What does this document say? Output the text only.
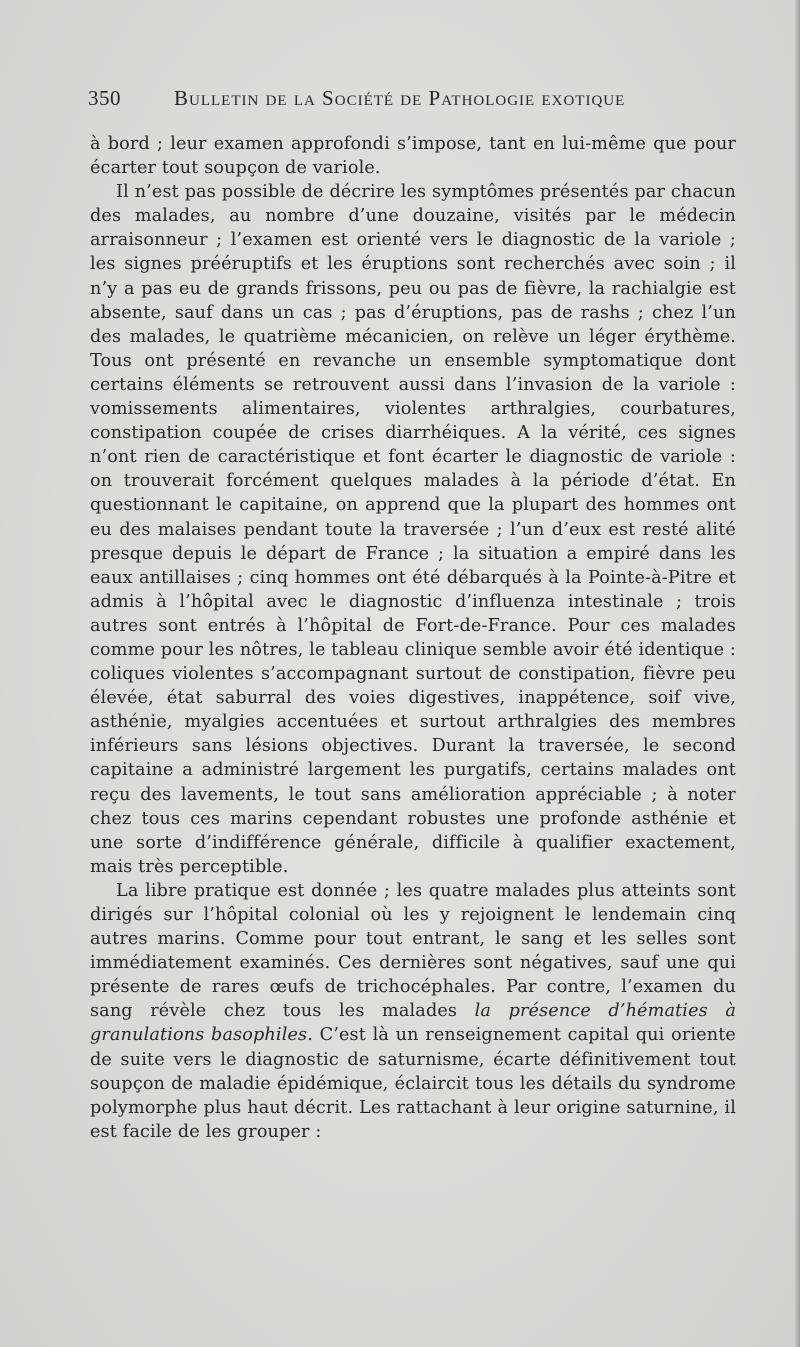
350	Bulletin de la Société de Pathologie exotique

à bord ; leur examen approfondi s’impose, tant en lui-même que pour écarter tout soupçon de variole.

Il n’est pas possible de décrire les symptômes présentés par chacun des malades, au nombre d’une douzaine, visités par le médecin arraisonneur ; l’examen est orienté vers le diagnostic de la variole ; les signes prééruptifs et les éruptions sont recherchés avec soin ; il n’y a pas eu de grands frissons, peu ou pas de fièvre, la rachialgie est absente, sauf dans un cas ; pas d’éruptions, pas de rashs ; chez l’un des malades, le quatrième mécanicien, on relève un léger érythème. Tous ont présenté en revanche un ensemble symptomatique dont certains éléments se retrouvent aussi dans l’invasion de la variole : vomissements alimentaires, violentes arthralgies, courbatures, constipation coupée de crises diarrhéiques. A la vérité, ces signes n’ont rien de caractéristique et font écarter le diagnostic de variole : on trouverait forcément quelques malades à la période d’état. En questionnant le capitaine, on apprend que la plupart des hommes ont eu des malaises pendant toute la traversée ; l’un d’eux est resté alité presque depuis le départ de France ; la situation a empiré dans les eaux antillaises ; cinq hommes ont été débarqués à la Pointe-à-Pitre et admis à l’hôpital avec le diagnostic d’influenza intestinale ; trois autres sont entrés à l’hôpital de Fort-de-France. Pour ces malades comme pour les nôtres, le tableau clinique semble avoir été identique : coliques violentes s’accompagnant surtout de constipation, fièvre peu élevée, état saburral des voies digestives, inappétence, soif vive, asthénie, myalgies accentuées et surtout arthralgies des membres inférieurs sans lésions objectives. Durant la traversée, le second capitaine a administré largement les purgatifs, certains malades ont reçu des lavements, le tout sans amélioration appréciable ; à noter chez tous ces marins cependant robustes une profonde asthénie et une sorte d’indifférence générale, difficile à qualifier exactement, mais très perceptible.

La libre pratique est donnée ; les quatre malades plus atteints sont dirigés sur l’hôpital colonial où les y rejoignent le lendemain cinq autres marins. Comme pour tout entrant, le sang et les selles sont immédiatement examinés. Ces dernières sont négatives, sauf une qui présente de rares œufs de trichocéphales. Par contre, l’examen du sang révèle chez tous les malades la présence d’hématies à granulations basophiles. C’est là un renseignement capital qui oriente de suite vers le diagnostic de saturnisme, écarte définitivement tout soupçon de maladie épidémique, éclaircit tous les détails du syndrome polymorphe plus haut décrit. Les rattachant à leur origine saturnine, il est facile de les grouper :
